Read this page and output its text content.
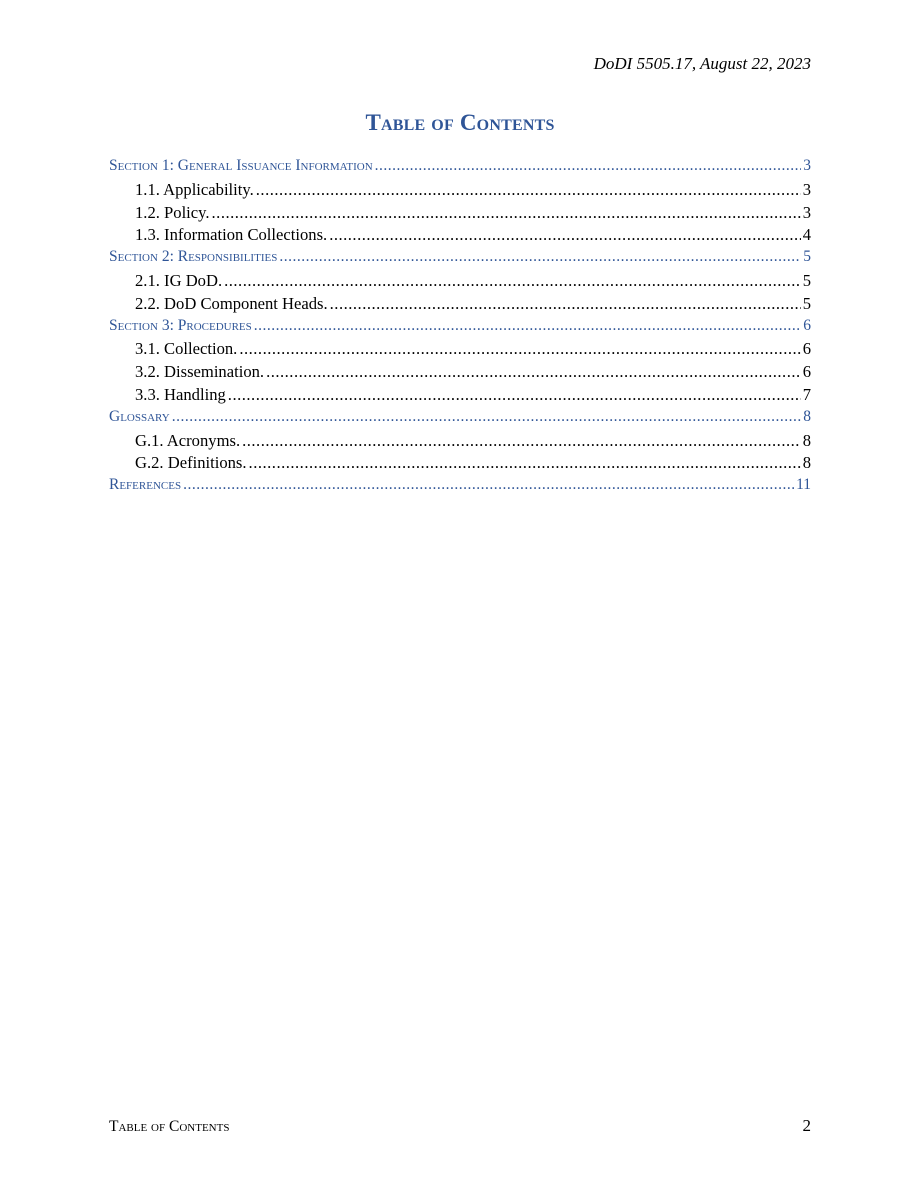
DoDI 5505.17, August 22, 2023
Table of Contents
Section 1: General Issuance Information .....	3
1.1. Applicability. .....	3
1.2. Policy. .....	3
1.3. Information Collections. .....	4
Section 2: Responsibilities .....	5
2.1. IG DoD. .....	5
2.2. DoD Component Heads. .....	5
Section 3: Procedures .....	6
3.1. Collection. .....	6
3.2. Dissemination. .....	6
3.3. Handling .....	7
Glossary .....	8
G.1. Acronyms. .....	8
G.2. Definitions. .....	8
References .....	11
Table of Contents	2
